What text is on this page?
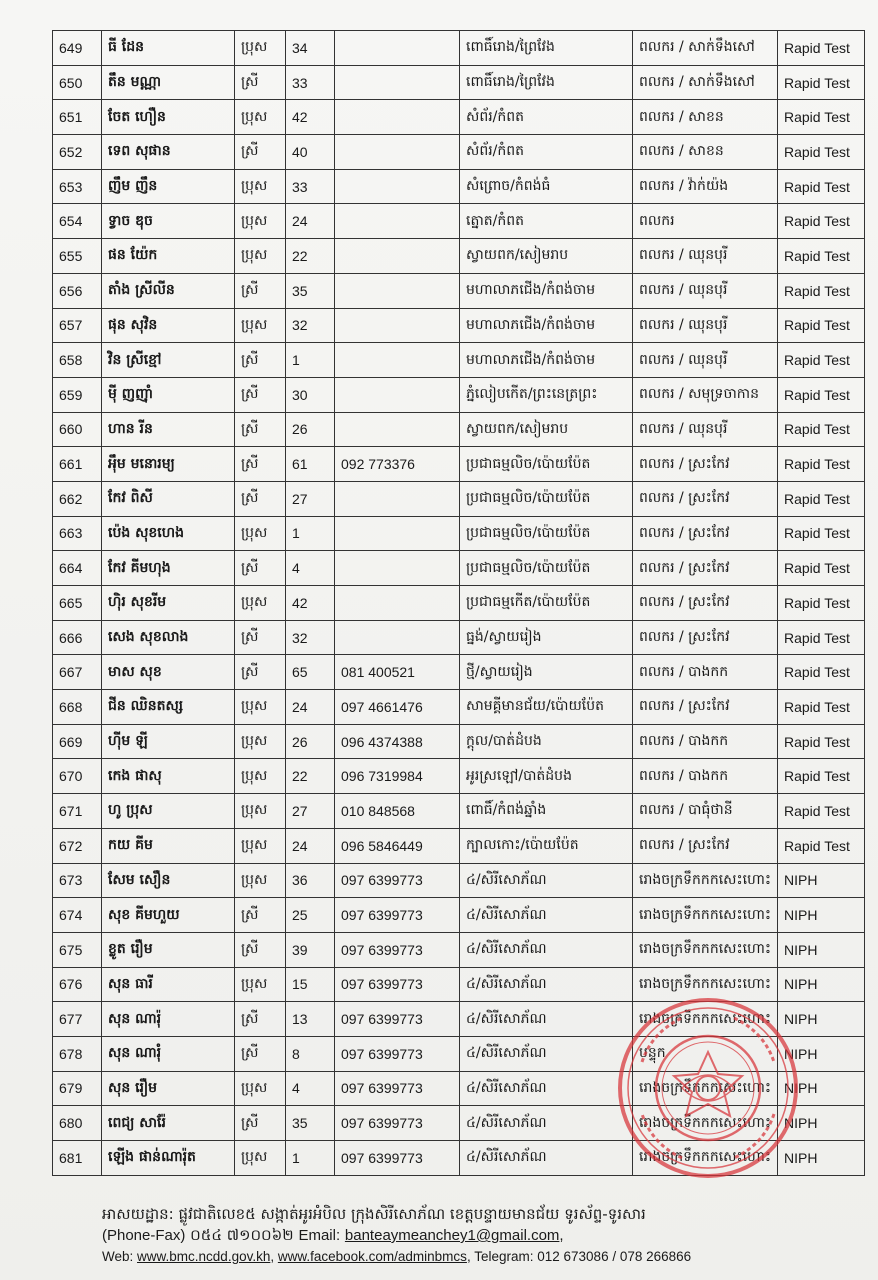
649	ធី ដែន	ប្រុស	34		ពោធិ៍រោង/ព្រៃវែង	ពលករ / សាក់ទឹងសៅ	Rapid Test
650	តឹន មណ្ណា	ស្រី	33		ពោធិ៍រោង/ព្រៃវែង	ពលករ / សាក់ទឹងសៅ	Rapid Test
651	ចែត ហឿន	ប្រុស	42		សំព័រ/កំពត	ពលករ / សាខន	Rapid Test
652	ទេព សុផាន	ស្រី	40		សំព័រ/កំពត	ពលករ / សាខន	Rapid Test
653	ញឹម ញឹន	ប្រុស	33		សំព្រោច/កំពង់ធំ	ពលករ / វ៉ាក់យ៉ង	Rapid Test
654	ទ្វាច ឌុច	ប្រុស	24		ត្នោត/កំពត	ពលករ	Rapid Test
655	ផន យ៉ែក	ប្រុស	22		ស្វាយពក/សៀមរាប	ពលករ / ឈុនបុរី	Rapid Test
656	តាំង ស្រីលីន	ស្រី	35		មហាលាភជើង/កំពង់ចាម	ពលករ / ឈុនបុរី	Rapid Test
657	ផុន សុវិន	ប្រុស	32		មហាលាភជើង/កំពង់ចាម	ពលករ / ឈុនបុរី	Rapid Test
658	វិន ស្រីខ្មៅ	ស្រី	1		មហាលាភជើង/កំពង់ចាម	ពលករ / ឈុនបុរី	Rapid Test
659	ម៉ី ញញ៉ាំ	ស្រី	30		ភ្នំលៀបកើត/ព្រះនេត្រព្រះ	ពលករ / សមុទ្រចាកាន	Rapid Test
660	ហាន រីន	ស្រី	26		ស្វាយពក/សៀមរាប	ពលករ / ឈុនបុរី	Rapid Test
661	អុឹម មនោរម្យ	ស្រី	61	092 773376	ប្រជាធម្មលិច/ប៉ោយប៉ែត	ពលករ / ស្រះកែវ	Rapid Test
662	កែវ ពិសី	ស្រី	27		ប្រជាធម្មលិច/ប៉ោយប៉ែត	ពលករ / ស្រះកែវ	Rapid Test
663	ប៉េង សុខហេង	ប្រុស	1		ប្រជាធម្មលិច/ប៉ោយប៉ែត	ពលករ / ស្រះកែវ	Rapid Test
664	កែវ គីមហុង	ស្រី	4		ប្រជាធម្មលិច/ប៉ោយប៉ែត	ពលករ / ស្រះកែវ	Rapid Test
665	ហ៊ិរ សុខរីម	ប្រុស	42		ប្រជាធម្មកើត/ប៉ោយប៉ែត	ពលករ / ស្រះកែវ	Rapid Test
666	សេង សុខលាង	ស្រី	32		ធ្នង់/ស្វាយរៀង	ពលករ / ស្រះកែវ	Rapid Test
667	មាស សុខ	ស្រី	65	081 400521	ថ្មី/ស្វាយរៀង	ពលករ / បាងកក	Rapid Test
668	ជីន ឈិនតស្ស	ប្រុស	24	097 4661476	សាមគ្គីមានជ័យ/ប៉ោយប៉ែត	ពលករ / ស្រះកែវ	Rapid Test
669	ហ៊ីម ឡី	ប្រុស	26	096 4374388	ក្តុល/បាត់ដំបង	ពលករ / បាងកក	Rapid Test
670	កេង ផាសុ	ប្រុស	22	096 7319984	អូរស្រឡៅ/បាត់ដំបង	ពលករ / បាងកក	Rapid Test
671	ហូ ប្រុស	ប្រុស	27	010 848568	ពោធិ៍/កំពង់ឆ្នាំង	ពលករ / បាធុំថានី	Rapid Test
672	កយ គីម	ប្រុស	24	096 5846449	ក្បាលកោះ/ប៉ោយប៉ែត	ពលករ / ស្រះកែវ	Rapid Test
673	សែម សឿន	ប្រុស	36	097 6399773	៤/សិរីសោភ័ណ	រោងចក្រទឹកកកសេះហោះ	NIPH
674	សុខ គីមហួយ	ស្រី	25	097 6399773	៤/សិរីសោភ័ណ	រោងចក្រទឹកកកសេះហោះ	NIPH
675	ខ្លូត រឿម	ស្រី	39	097 6399773	៤/សិរីសោភ័ណ	រោងចក្រទឹកកកសេះហោះ	NIPH
676	សុន ធារី	ប្រុស	15	097 6399773	៤/សិរីសោភ័ណ	រោងចក្រទឹកកកសេះហោះ	NIPH
677	សុន ណារ៉ុ	ស្រី	13	097 6399773	៤/សិរីសោភ័ណ	រោងចក្រទឹកកកសេះហោះ	NIPH
678	សុន ណារុំ	ស្រី	8	097 6399773	៤/សិរីសោភ័ណ	បន្ទុក	NIPH
679	សុន រឿម	ប្រុស	4	097 6399773	៤/សិរីសោភ័ណ	រោងចក្រទឹកកកសេះហោះ	NIPH
680	ពេជ្យ សារ៉ែ	ស្រី	35	097 6399773	៤/សិរីសោភ័ណ	រោងចក្រទឹកកកសេះហោះ	NIPH
681	ឡើង ផាន់ណារ៉ុត	ប្រុស	1	097 6399773	៤/សិរីសោភ័ណ	រោងចក្រទឹកកកសេះហោះ	NIPH
អាសយដ្ឋាន: ផ្លូវជាតិលេខ៥ សង្កាត់អូរអំបិល ក្រុងសិរីសោភ័ណ ខេត្តបន្ទាយមានជ័យ ទូរស័ព្ទ-ទូរសារ
(Phone-Fax) ០៥៤ ៧១០០៦២ Email: banteaymeanchey1@gmail.com,
Web: www.bmc.ncdd.gov.kh, www.facebook.com/adminbmcs, Telegram: 012 673086 / 078 266866
